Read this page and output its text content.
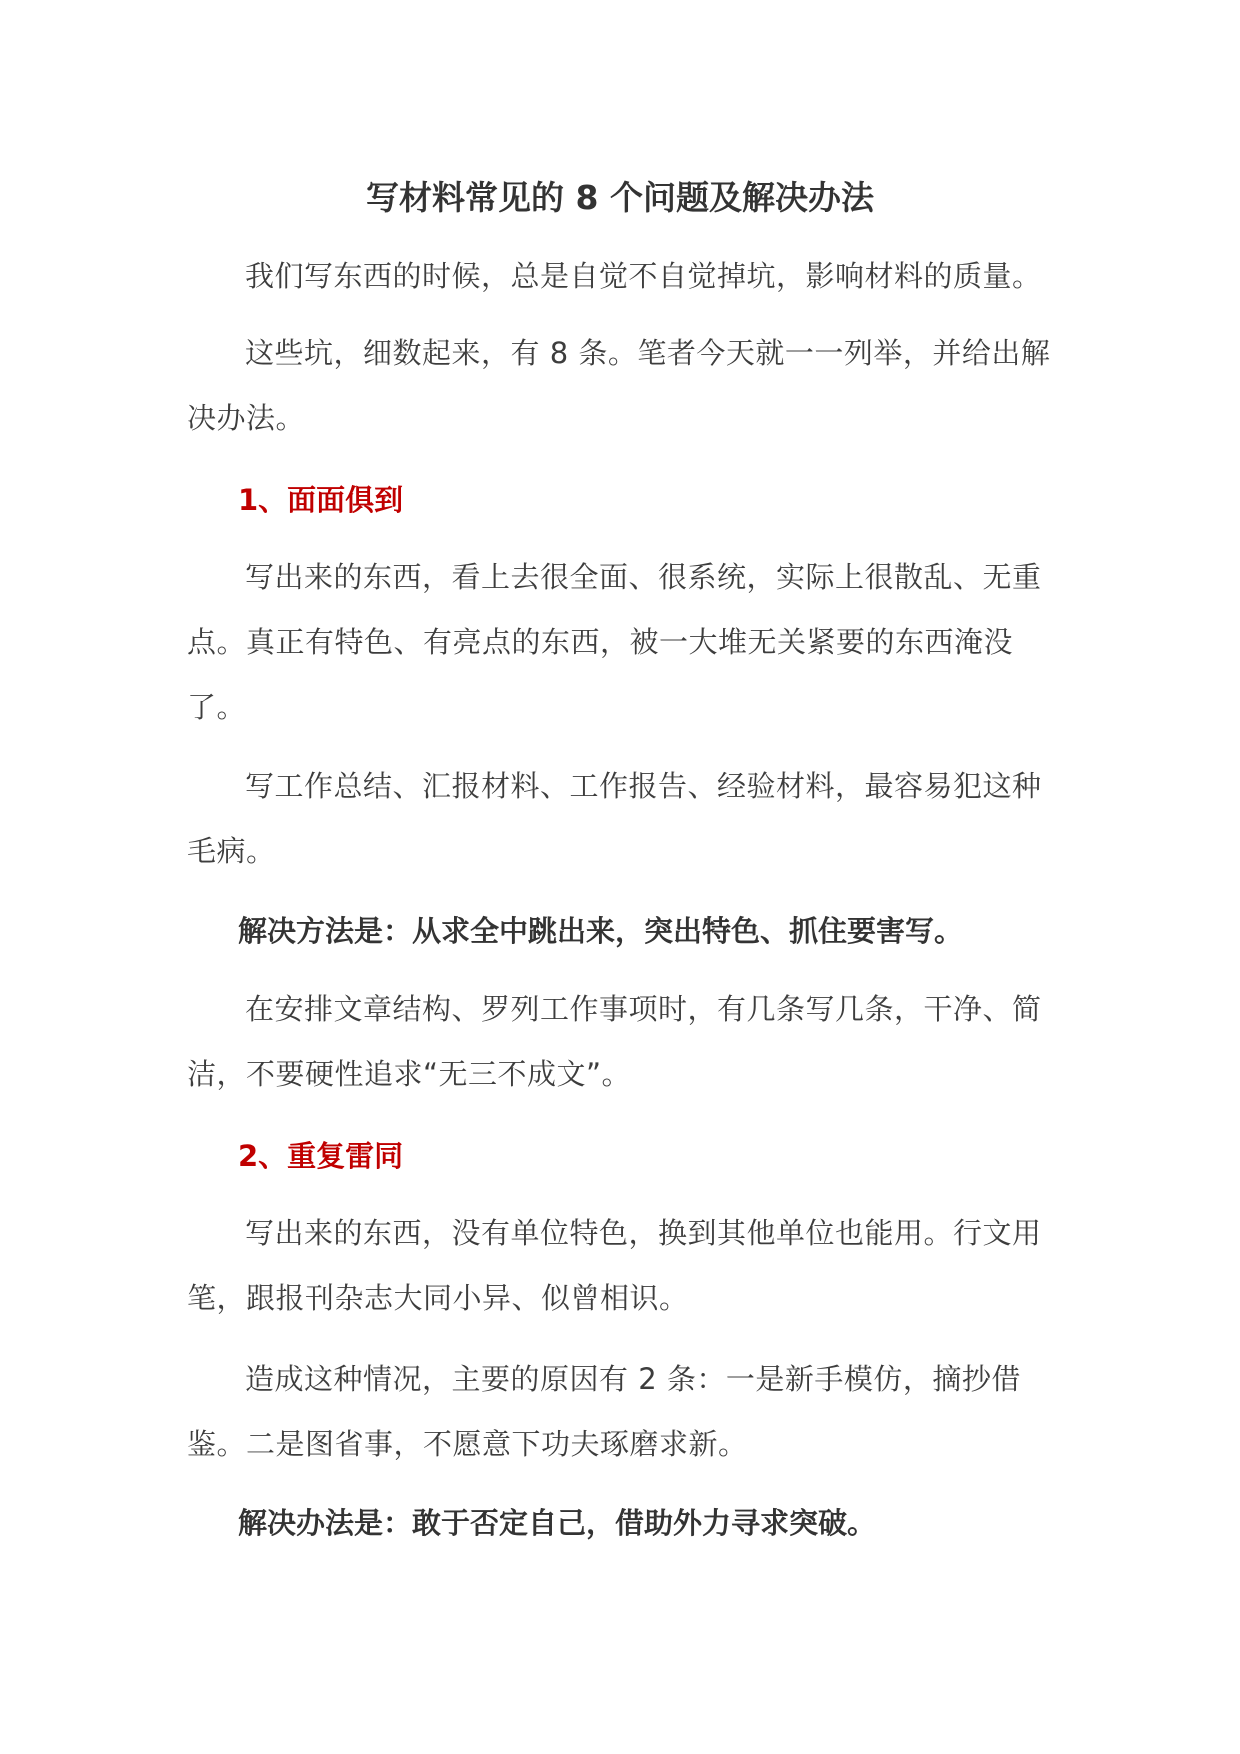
写材料常见的 8 个问题及解决办法

我们写东西的时候，总是自觉不自觉掉坑，影响材料的质量。

这些坑，细数起来，有 8 条。笔者今天就一一列举，并给出解决办法。

1、面面俱到

写出来的东西，看上去很全面、很系统，实际上很散乱、无重点。真正有特色、有亮点的东西，被一大堆无关紧要的东西淹没了。

写工作总结、汇报材料、工作报告、经验材料，最容易犯这种毛病。

解决方法是：从求全中跳出来，突出特色、抓住要害写。

在安排文章结构、罗列工作事项时，有几条写几条，干净、简洁，不要硬性追求“无三不成文”。

2、重复雷同

写出来的东西，没有单位特色，换到其他单位也能用。行文用笔，跟报刊杂志大同小异、似曾相识。

造成这种情况，主要的原因有 2 条：一是新手模仿，摘抄借鉴。二是图省事，不愿意下功夫琢磨求新。

解决办法是：敢于否定自己，借助外力寻求突破。
